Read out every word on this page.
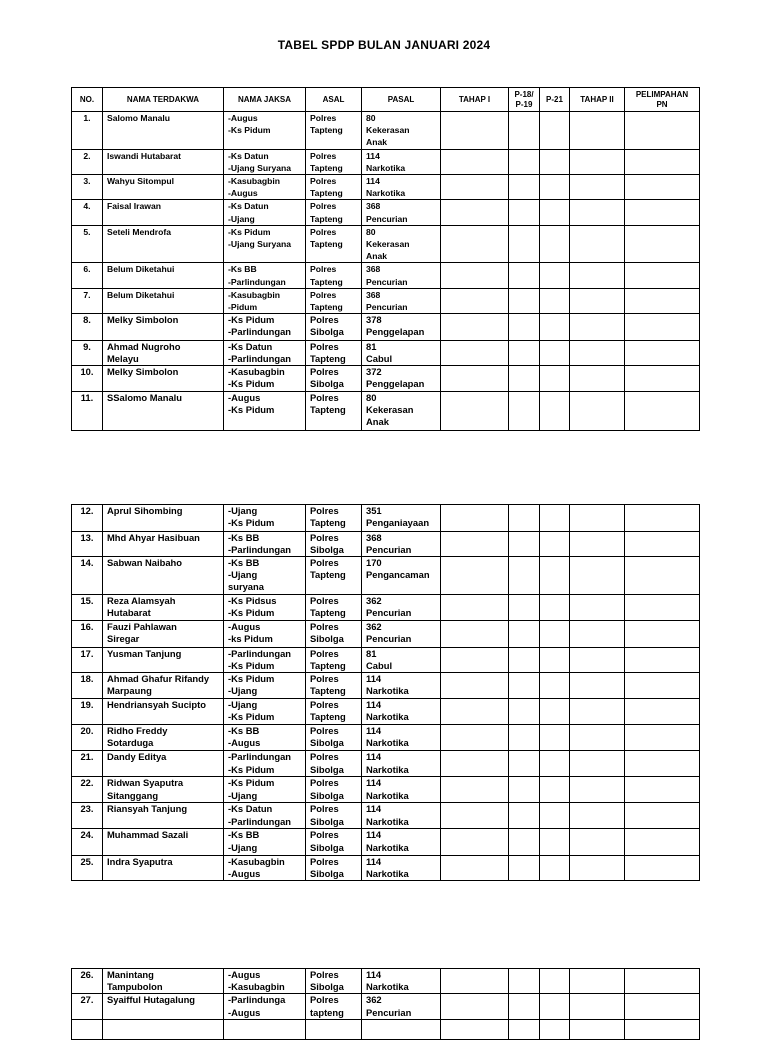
TABEL SPDP BULAN JANUARI 2024
NO.	NAMA TERDAKWA	NAMA JAKSA	ASAL	PASAL	TAHAP I	P-18/
P-19	P-21	TAHAP II	PELIMPAHAN
PN

1.	Salomo Manalu	-Augus
-Ks Pidum	Polres
Tapteng	80
Kekerasan
Anak					

2.	Iswandi Hutabarat	-Ks Datun
-Ujang Suryana	Polres
Tapteng	114
Narkotika					

3.	Wahyu Sitompul	-Kasubagbin
-Augus	Polres
Tapteng	114
Narkotika					

4.	Faisal Irawan	-Ks Datun
-Ujang	Polres
Tapteng	368
Pencurian					

5.	Seteli Mendrofa	-Ks Pidum
-Ujang Suryana	Polres
Tapteng	80
Kekerasan
Anak					

6.	Belum Diketahui	-Ks BB
-Parlindungan	Polres
Tapteng	368
Pencurian					

7.	Belum Diketahui	-Kasubagbin
-Pidum	Polres
Tapteng	368
Pencurian					

8.	Melky Simbolon	-Ks Pidum
-Parlindungan	Polres
Sibolga	378
Penggelapan					

9.	Ahmad Nugroho
Melayu	-Ks Datun
-Parlindungan	Polres
Tapteng	81
Cabul					

10.	Melky Simbolon	-Kasubagbin
-Ks Pidum	Polres
Sibolga	372
Penggelapan					

11.	SSalomo Manalu	-Augus
-Ks Pidum	Polres
Tapteng	80
Kekerasan
Anak					

12.	Aprul Sihombing	-Ujang
-Ks Pidum	Polres
Tapteng	351
Penganiayaan					

13.	Mhd Ahyar Hasibuan	-Ks BB
-Parlindungan	Polres
Sibolga	368
Pencurian					

14.	Sabwan Naibaho	-Ks BB
-Ujang
suryana	Polres
Tapteng	170
Pengancaman					

15.	Reza Alamsyah
Hutabarat	-Ks Pidsus
-Ks Pidum	Polres
Tapteng	362
Pencurian					

16.	Fauzi Pahlawan
Siregar	-Augus
-ks Pidum	Polres
Sibolga	362
Pencurian					

17.	Yusman Tanjung	-Parlindungan
-Ks Pidum	Polres
Tapteng	81
Cabul					

18.	Ahmad Ghafur Rifandy
Marpaung	-Ks Pidum
-Ujang	Polres
Tapteng	114
Narkotika					

19.	Hendriansyah Sucipto	-Ujang
-Ks Pidum	Polres
Tapteng	114
Narkotika					

20.	Ridho Freddy
Sotarduga	-Ks BB
-Augus	Polres
Sibolga	114
Narkotika					

21.	Dandy Editya	-Parlindungan
-Ks Pidum	Polres
Sibolga	114
Narkotika					

22.	Ridwan Syaputra
Sitanggang	-Ks Pidum
-Ujang	Polres
Sibolga	114
Narkotika					

23.	Riansyah Tanjung	-Ks Datun
-Parlindungan	Polres
Sibolga	114
Narkotika					

24.	Muhammad Sazali	-Ks BB
-Ujang	Polres
Sibolga	114
Narkotika					

25.	Indra Syaputra	-Kasubagbin
-Augus	Polres
Sibolga	114
Narkotika					

26.	Manintang
Tampubolon	-Augus
-Kasubagbin	Polres
Sibolga	114
Narkotika					

27.	Syaifful Hutagalung	-Parlindunga
-Augus	Polres
tapteng	362
Pencurian					
